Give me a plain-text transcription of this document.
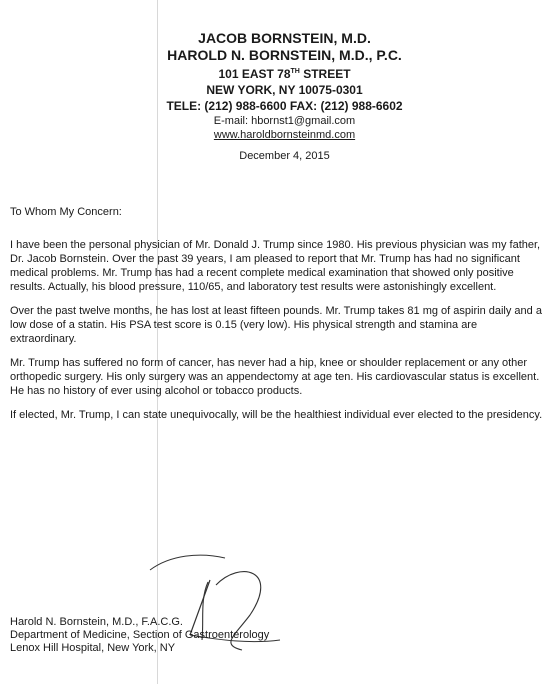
JACOB BORNSTEIN, M.D.
HAROLD N. BORNSTEIN, M.D., P.C.
101 EAST 78TH STREET
NEW YORK, NY 10075-0301
TELE: (212) 988-6600 FAX: (212) 988-6602
E-mail: hbornst1@gmail.com
www.haroldbornsteinmd.com
December 4, 2015
To Whom My Concern:

I have been the personal physician of Mr. Donald J. Trump since 1980. His previous physician was my father, Dr. Jacob Bornstein. Over the past 39 years, I am pleased to report that Mr. Trump has had no significant medical problems. Mr. Trump has had a recent complete medical examination that showed only positive results. Actually, his blood pressure, 110/65, and laboratory test results were astonishingly excellent.

Over the past twelve months, he has lost at least fifteen pounds. Mr. Trump takes 81 mg of aspirin daily and a low dose of a statin. His PSA test score is 0.15 (very low). His physical strength and stamina are extraordinary.

Mr. Trump has suffered no form of cancer, has never had a hip, knee or shoulder replacement or any other orthopedic surgery. His only surgery was an appendectomy at age ten. His cardiovascular status is excellent. He has no history of ever using alcohol or tobacco products.

If elected, Mr. Trump, I can state unequivocally, will be the healthiest individual ever elected to the presidency.

Harold N. Bornstein, M.D., F.A.C.G.
Department of Medicine, Section of Gastroenterology
Lenox Hill Hospital, New York, NY
